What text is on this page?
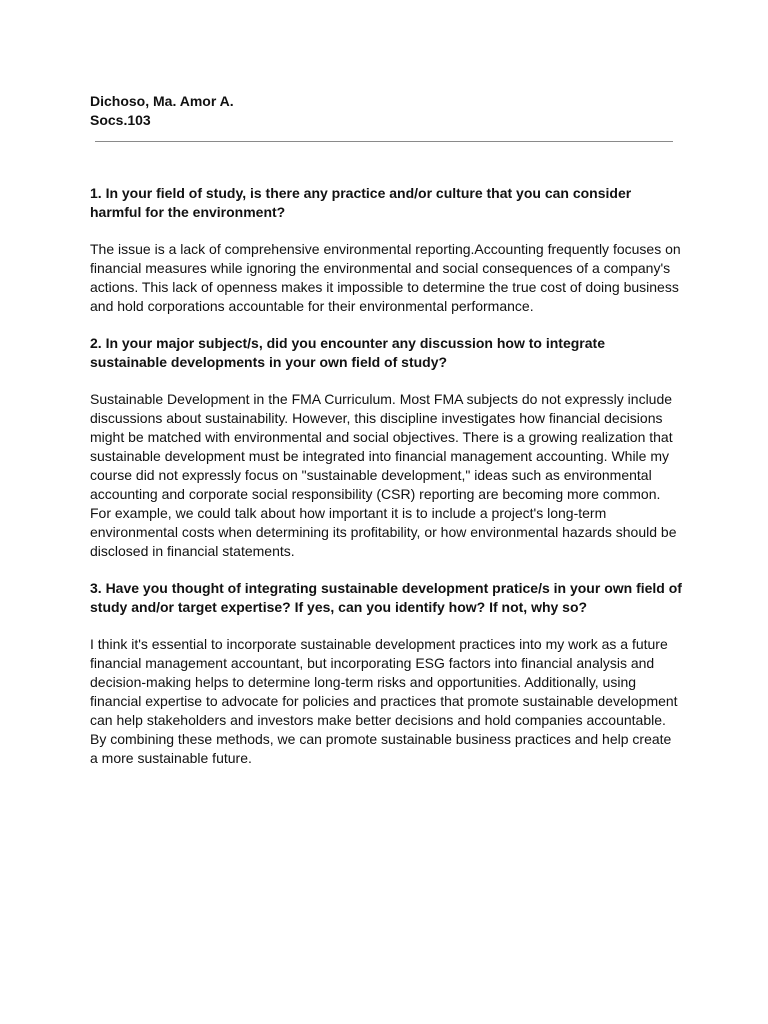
Dichoso, Ma. Amor A.

Socs.103

1. In your field of study, is there any practice and/or culture that you can consider harmful for the environment?

The issue is a lack of comprehensive environmental reporting.Accounting frequently focuses on financial measures while ignoring the environmental and social consequences of a company's actions. This lack of openness makes it impossible to determine the true cost of doing business and hold corporations accountable for their environmental performance.

2. In your major subject/s, did you encounter any discussion how to integrate sustainable developments in your own field of study?

Sustainable Development in the FMA Curriculum. Most FMA subjects do not expressly include discussions about sustainability. However, this discipline investigates how financial decisions might be matched with environmental and social objectives. There is a growing realization that sustainable development must be integrated into financial management accounting. While my course did not expressly focus on "sustainable development," ideas such as environmental accounting and corporate social responsibility (CSR) reporting are becoming more common. For example, we could talk about how important it is to include a project's long-term environmental costs when determining its profitability, or how environmental hazards should be disclosed in financial statements.

3. Have you thought of integrating sustainable development pratice/s in your own field of study and/or target expertise? If yes, can you identify how? If not, why so?

I think it's essential to incorporate sustainable development practices into my work as a future financial management accountant, but incorporating ESG factors into financial analysis and decision-making helps to determine long-term risks and opportunities. Additionally, using financial expertise to advocate for policies and practices that promote sustainable development can help stakeholders and investors make better decisions and hold companies accountable. By combining these methods, we can promote sustainable business practices and help create a more sustainable future.
